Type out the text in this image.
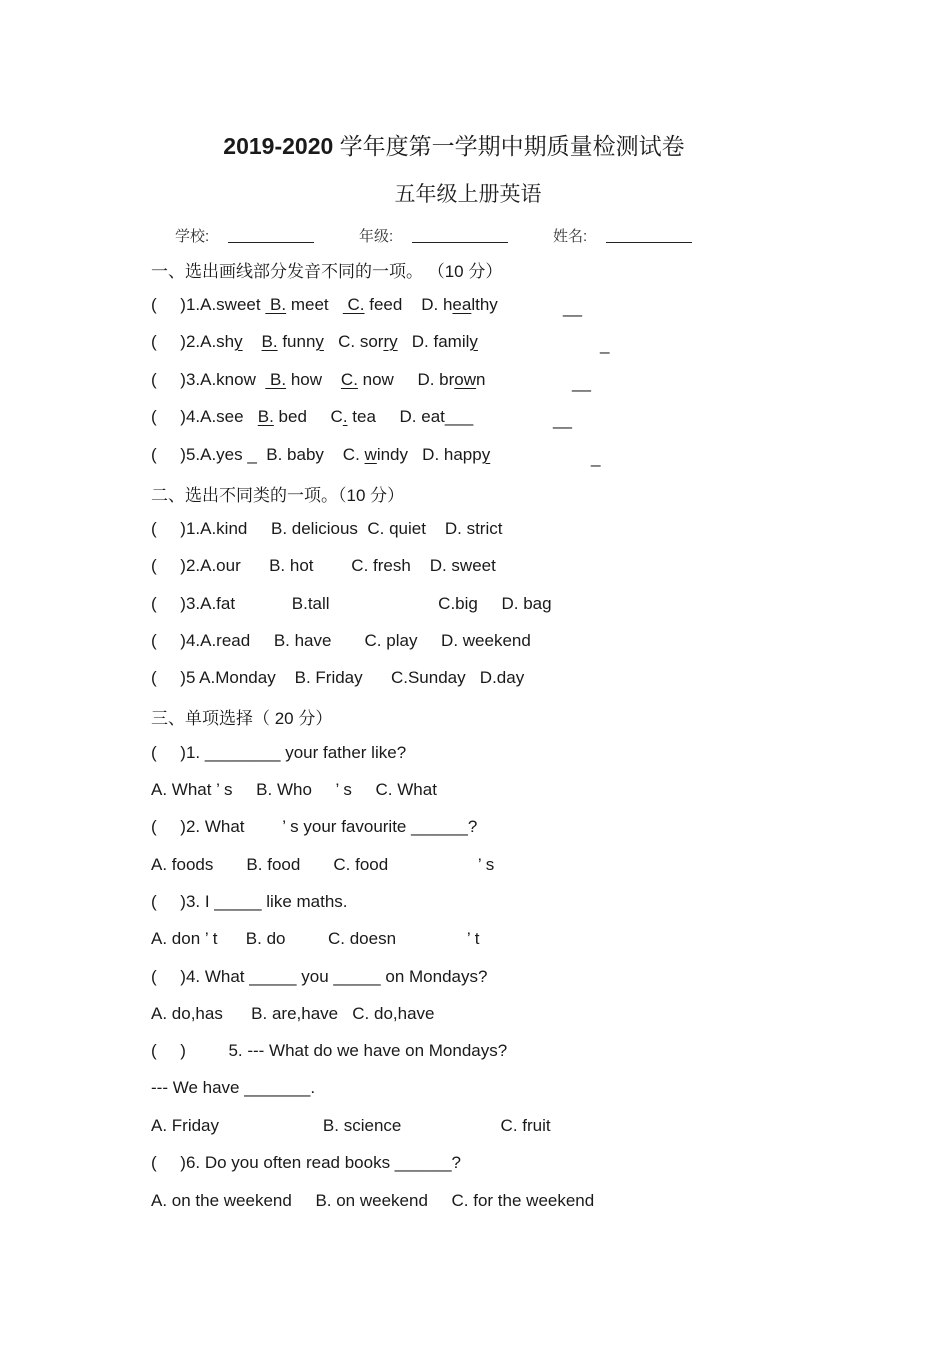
2019-2020 学年度第一学期中期质量检测试卷
五年级上册英语
学校:	年级:	姓名:
一、选出画线部分发音不同的一项。 （10 分）
(     )1.A.sweet  B. meet    C. feed    D. healthy	__
(     )2.A.shy B. funny   C. sorry   D. family	_
(     )3.A.know   B. how    C. now     D. brown	__
(     )4.A.see   B. bed     C. tea     D. eat___	__
(     )5.A.yes _  B. baby    C. windy   D. happy	_
二、选出不同类的一项。（10 分）
(     )1.A.kind     B. delicious  C. quiet    D. strict
(     )2.A.our      B. hot        C. fresh    D. sweet
(     )3.A.fat            B.tall                       C.big     D. bag
(     )4.A.read     B. have       C. play     D. weekend
(     )5 A.Monday    B. Friday      C.Sunday   D.day
三、单项选择（ 20 分）
(     )1. ________ your father like?
A. What ’ s     B. Who     ’ s     C. What
(     )2. What        ’ s your favourite ______?
A. foods       B. food       C. food                   ’ s
(     )3. I _____ like maths.
A. don ’ t      B. do         C. doesn               ’ t
(     )4. What _____ you _____ on Mondays?
A. do,has      B. are,have   C. do,have
(     )         5. --- What do we have on Mondays?
--- We have _______.
A. Friday                      B. science                     C. fruit
(     )6. Do you often read books ______?
A. on the weekend     B. on weekend     C. for the weekend
